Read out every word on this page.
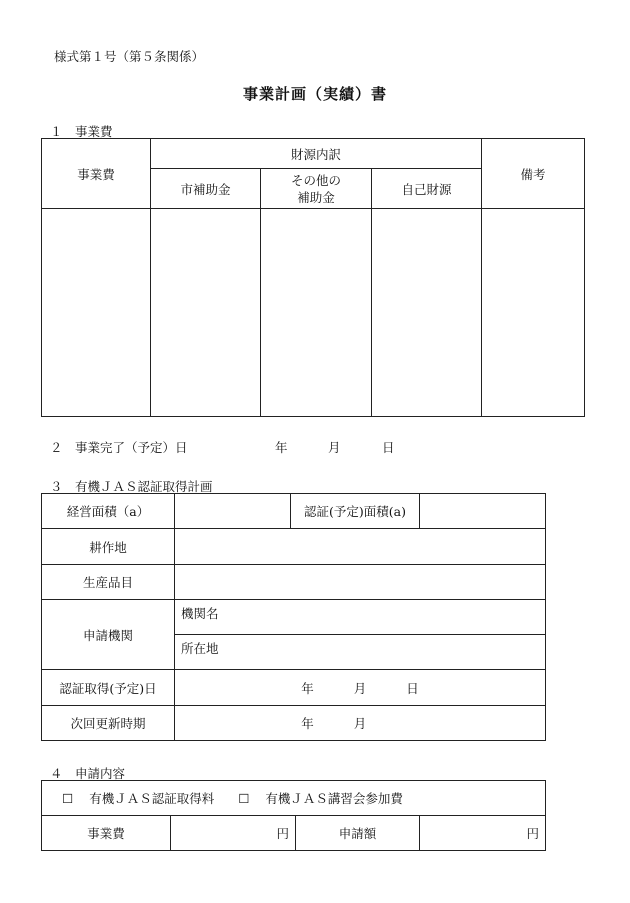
様式第１号（第５条関係）
事業計画（実績）書
１　事業費
事業費	財源内訳			備考
	市補助金	その他の
補助金	自己財源	

２　事業完了（予定）日	年	月	日
３　有機ＪＡＳ認証取得計画
経営面積（a）		認証(予定)面積(a)	
耕作地			
生産品目			
申請機関	機関名		
	所在地		
認証取得(予定)日	年 月 日		
次回更新時期	年 月		
４　申請内容
☐ 有機ＪＡＳ認証取得料 ☐ 有機ＪＡＳ講習会参加費
事業費	円	申請額	円
